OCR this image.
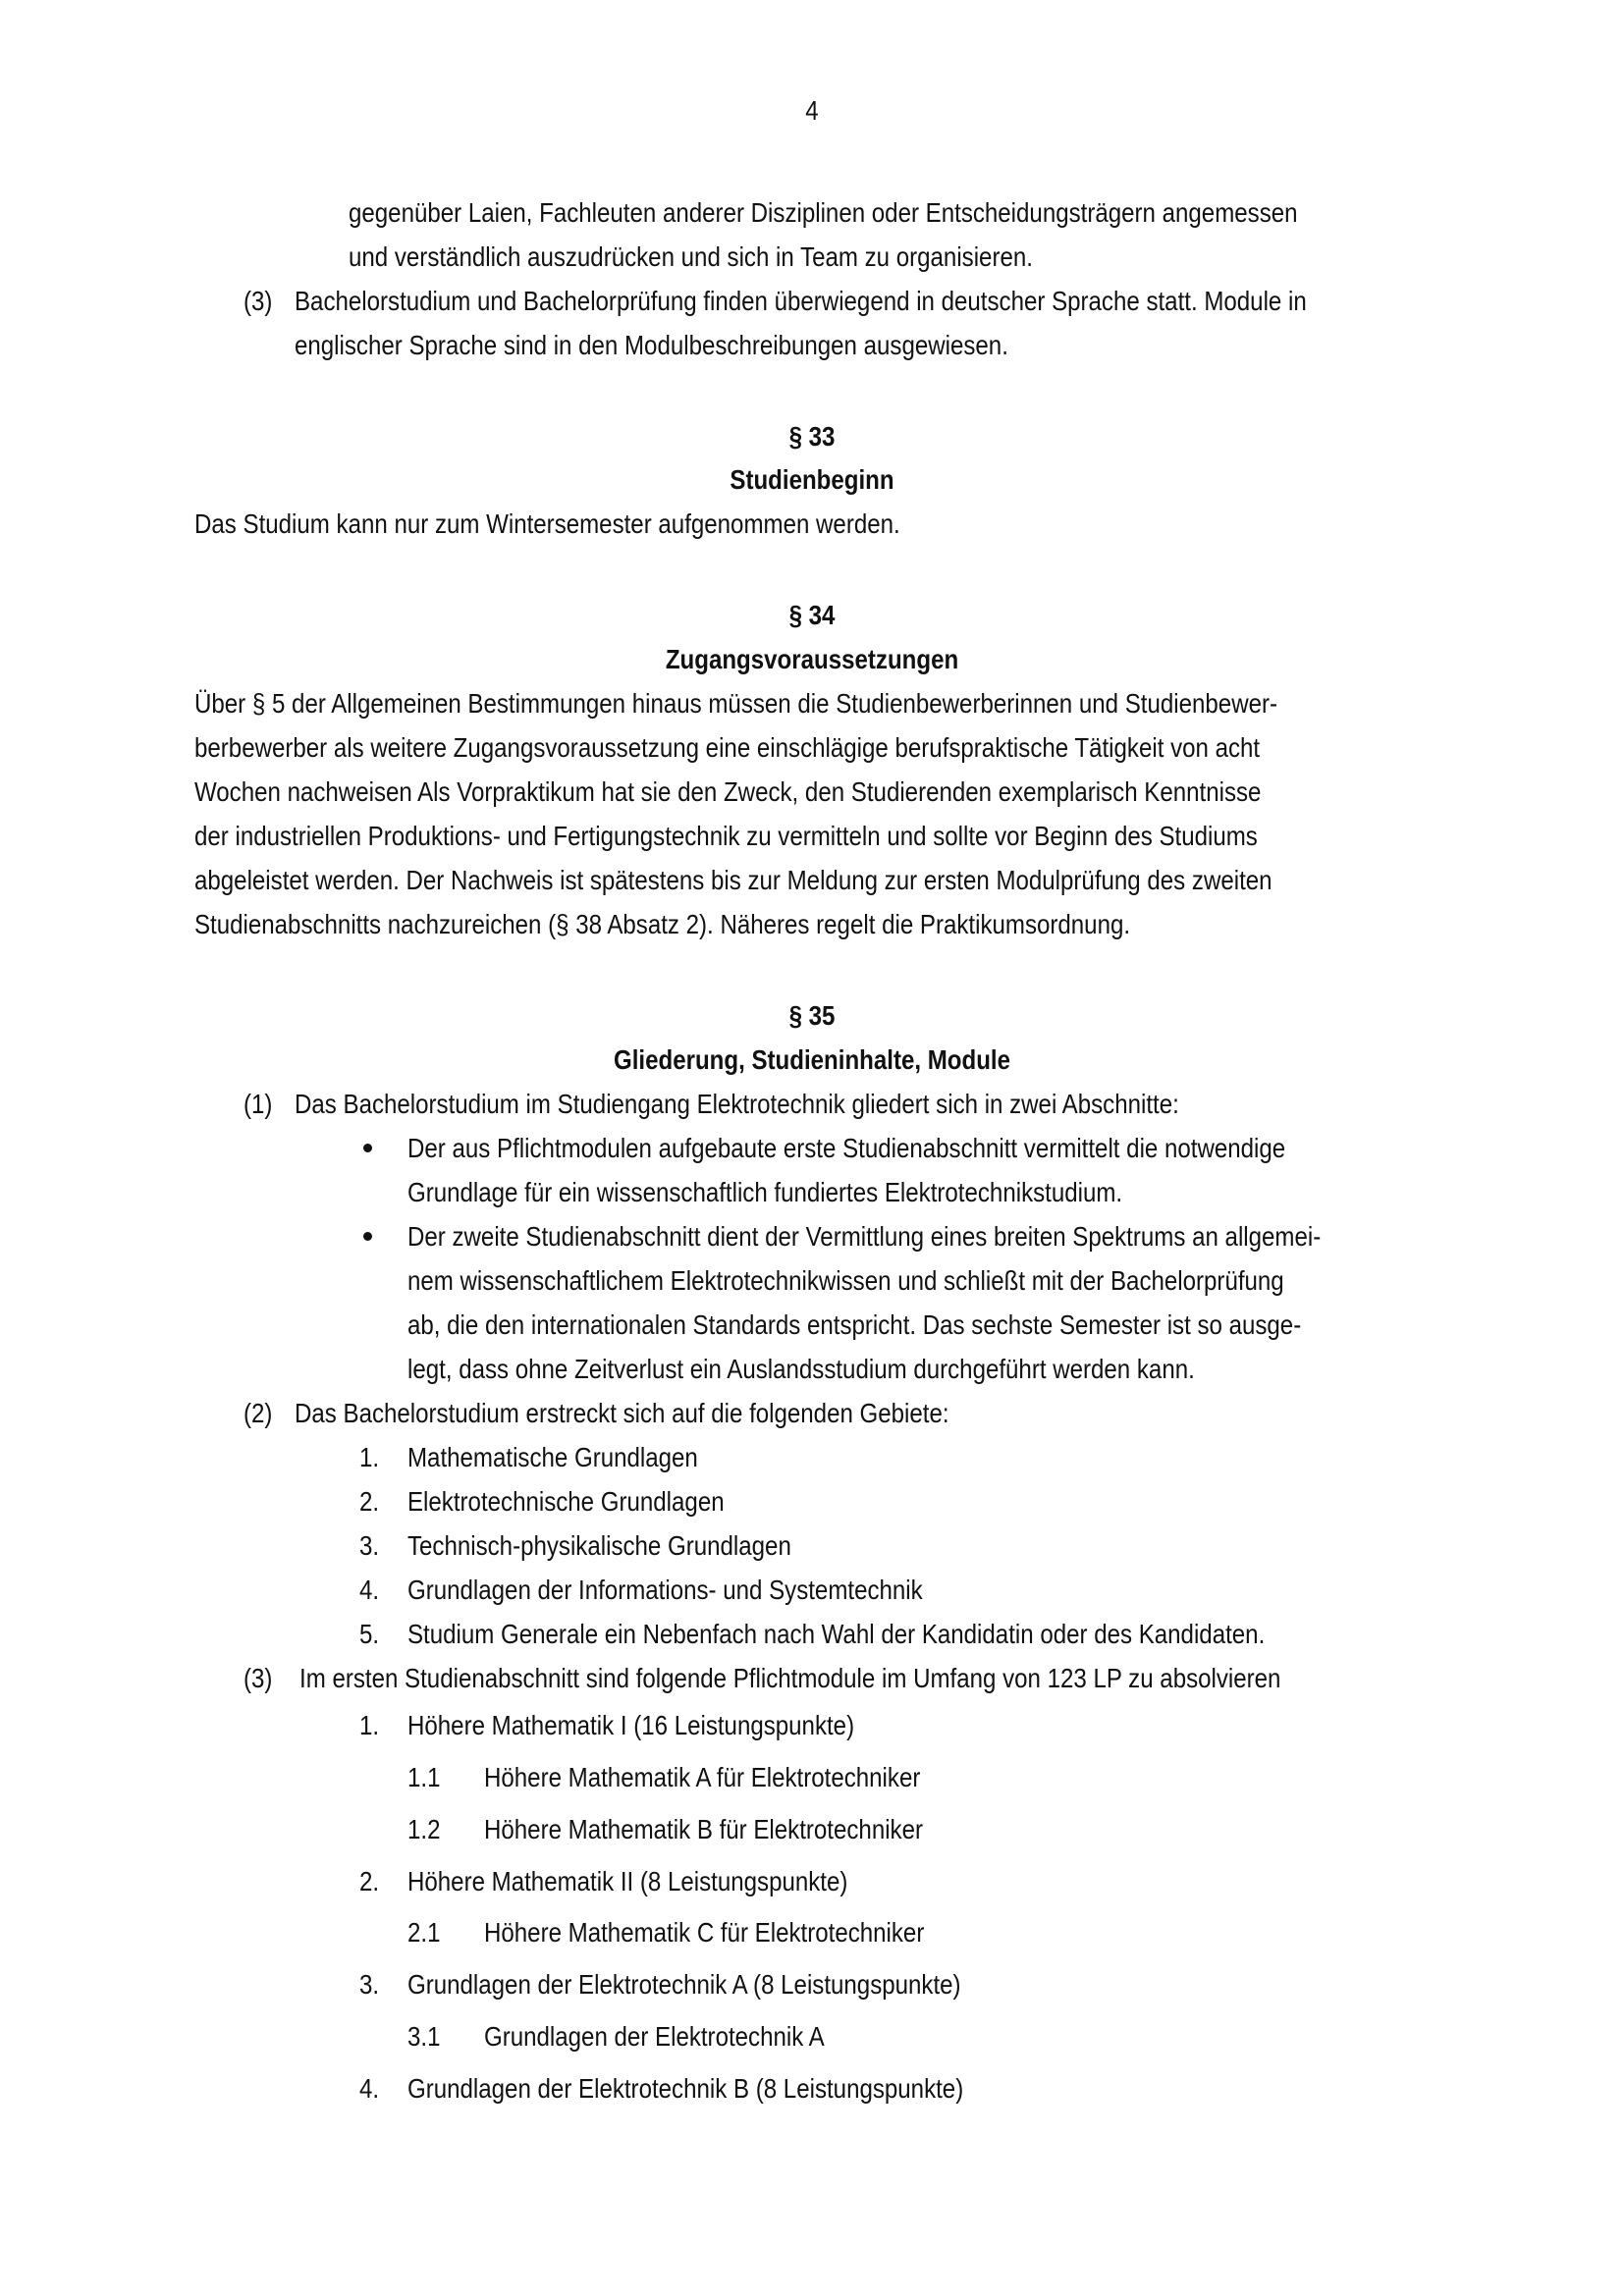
4
gegenüber Laien, Fachleuten anderer Disziplinen oder Entscheidungsträgern angemessen
und verständlich auszudrücken und sich in Team zu organisieren.
(3) Bachelorstudium und Bachelorprüfung finden überwiegend in deutscher Sprache statt. Module in
englischer Sprache sind in den Modulbeschreibungen ausgewiesen.
§ 33
Studienbeginn
Das Studium kann nur zum Wintersemester aufgenommen werden.
§ 34
Zugangsvoraussetzungen
Über § 5 der Allgemeinen Bestimmungen hinaus müssen die Studienbewerberinnen und Studienbewer-
berbewerber als weitere Zugangsvoraussetzung eine einschlägige berufspraktische Tätigkeit von acht
Wochen nachweisen Als Vorpraktikum hat sie den Zweck, den Studierenden exemplarisch Kenntnisse
der industriellen Produktions- und Fertigungstechnik zu vermitteln und sollte vor Beginn des Studiums
abgeleistet werden. Der Nachweis ist spätestens bis zur Meldung zur ersten Modulprüfung des zweiten
Studienabschnitts nachzureichen (§ 38 Absatz 2). Näheres regelt die Praktikumsordnung.
§ 35
Gliederung, Studieninhalte, Module
(1) Das Bachelorstudium im Studiengang Elektrotechnik gliedert sich in zwei Abschnitte:
Der aus Pflichtmodulen aufgebaute erste Studienabschnitt vermittelt die notwendige
Grundlage für ein wissenschaftlich fundiertes Elektrotechnikstudium.
Der zweite Studienabschnitt dient der Vermittlung eines breiten Spektrums an allgemei-
nem wissenschaftlichem Elektrotechnikwissen und schließt mit der Bachelorprüfung
ab, die den internationalen Standards entspricht. Das sechste Semester ist so ausge-
legt, dass ohne Zeitverlust ein Auslandsstudium durchgeführt werden kann.
(2) Das Bachelorstudium erstreckt sich auf die folgenden Gebiete:
1. Mathematische Grundlagen
2. Elektrotechnische Grundlagen
3. Technisch-physikalische Grundlagen
4. Grundlagen der Informations- und Systemtechnik
5. Studium Generale ein Nebenfach nach Wahl der Kandidatin oder des Kandidaten.
(3) Im ersten Studienabschnitt sind folgende Pflichtmodule im Umfang von 123 LP zu absolvieren
1. Höhere Mathematik I (16 Leistungspunkte)
1.1 Höhere Mathematik A für Elektrotechniker
1.2 Höhere Mathematik B für Elektrotechniker
2. Höhere Mathematik II (8 Leistungspunkte)
2.1 Höhere Mathematik C für Elektrotechniker
3. Grundlagen der Elektrotechnik A (8 Leistungspunkte)
3.1 Grundlagen der Elektrotechnik A
4. Grundlagen der Elektrotechnik B (8 Leistungspunkte)
